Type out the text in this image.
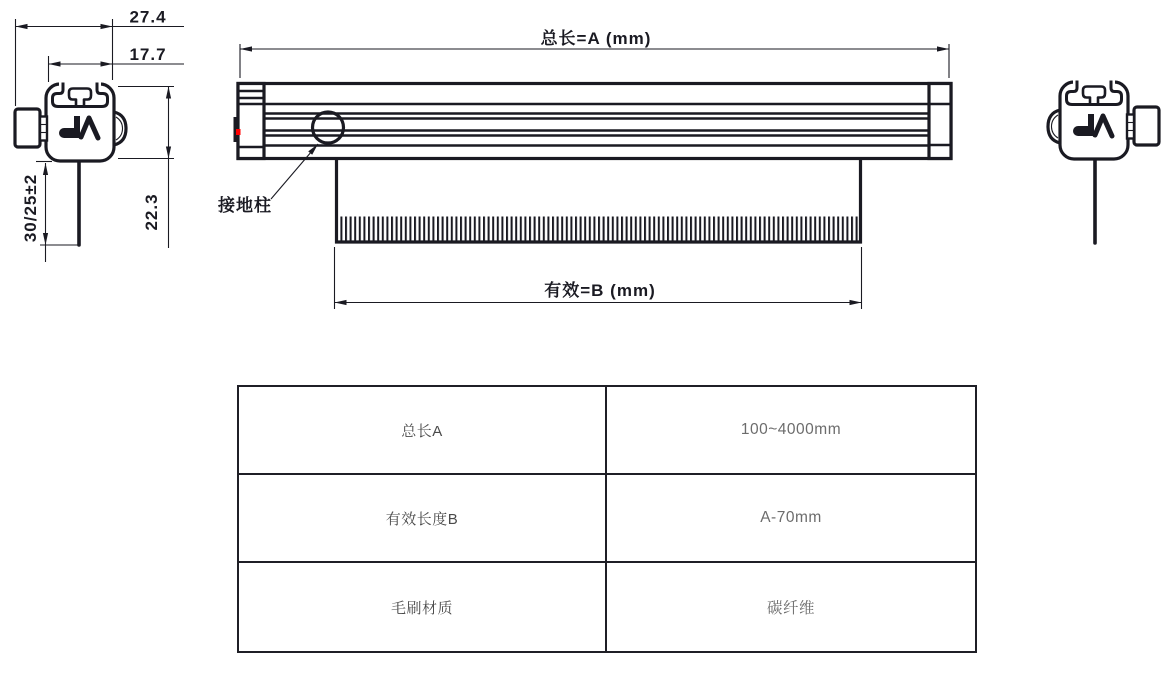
27.4
17.7
22.3
30/25±2
总长=A (mm)
接地柱
有效=B (mm)
总长A	100~4000mm
有效长度B	A-70mm
毛刷材质	碳纤维
